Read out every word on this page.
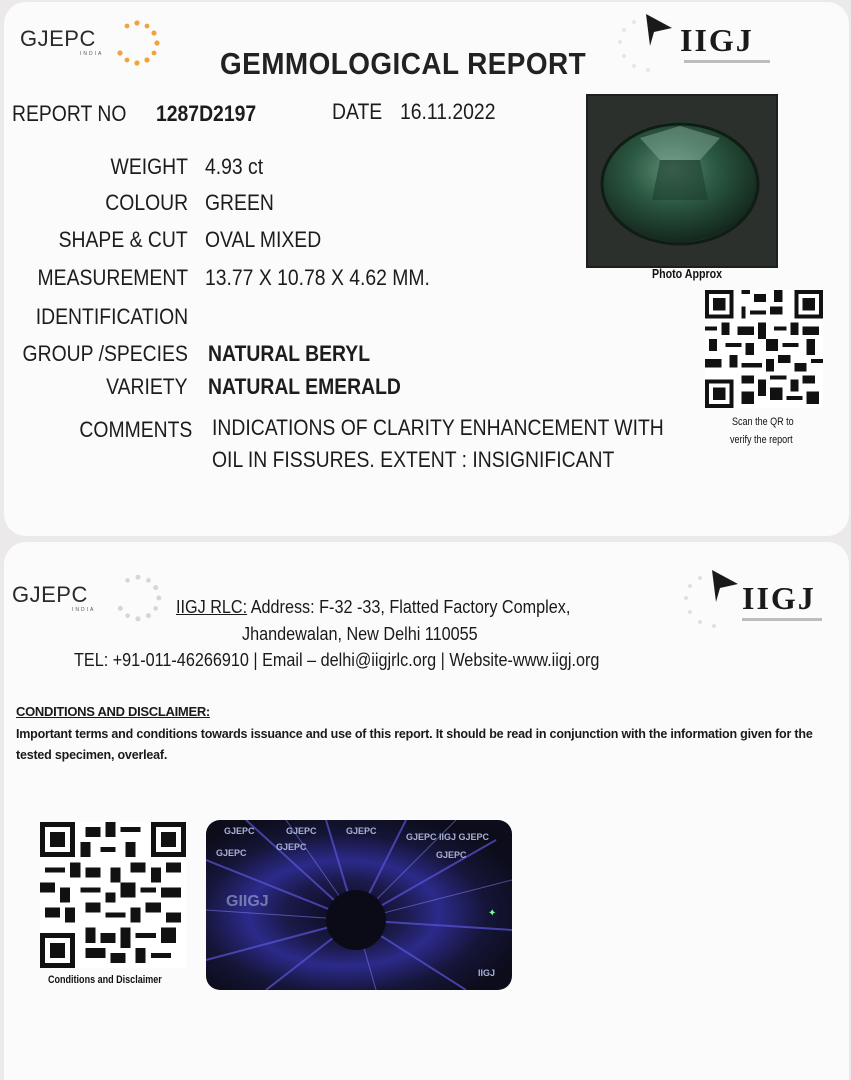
GJEPC
INDIA	IIGJ
GEMMOLOGICAL REPORT
REPORT NO 1287D2197	DATE 16.11.2022
WEIGHT 4.93 ct
COLOUR GREEN
SHAPE & CUT OVAL MIXED
MEASUREMENT 13.77 X 10.78 X 4.62 MM.
IDENTIFICATION
GROUP /SPECIES NATURAL BERYL
VARIETY NATURAL EMERALD
COMMENTS INDICATIONS OF CLARITY ENHANCEMENT WITH
OIL IN FISSURES. EXTENT : INSIGNIFICANT
Photo Approx
Scan the QR to
verify the report
GJEPC
INDIA	IIGJ
IIGJ RLC: Address: F-32 -33, Flatted Factory Complex,
Jhandewalan, New Delhi 110055
TEL: +91-011-46266910 | Email – delhi@iigjrlc.org | Website-www.iigj.org
CONDITIONS AND DISCLAIMER:
Important terms and conditions towards issuance and use of this report. It should be read in conjunction with the information given for the tested specimen, overleaf.
Conditions and Disclaimer
GJEPC	GJEPC	GJEPC
GJEPC IIGJ GJEPC
GJEPC
GJEPC
GJEPC
GIIGJ
IIGJ
✦
